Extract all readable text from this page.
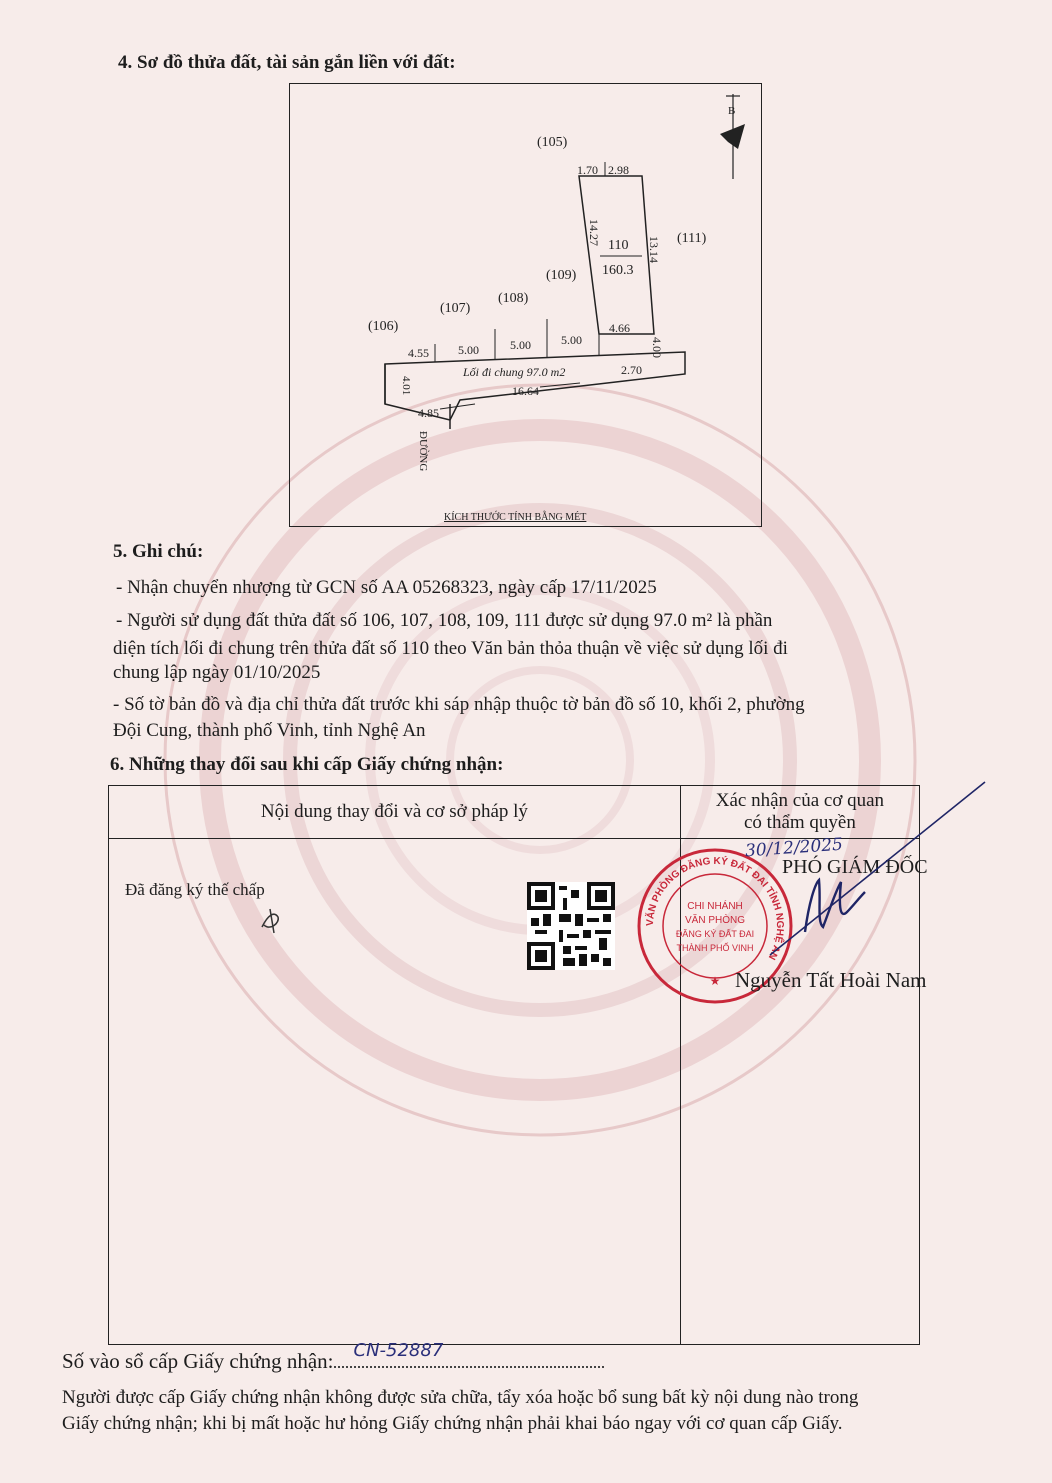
4. Sơ đồ thửa đất, tài sản gắn liền với đất:
B
(105)
1.70 2.98
14.27
13.14
110
160.3
(111)
(109)
(108)
(107)
(106)
4.55 5.00	5.00	5.00
4.66
4.00
Lối đi chung 97.0 m2	2.70
16.64
4.01
4.85
ĐƯỜNG
KÍCH THƯỚC TÍNH BẰNG MÉT
5. Ghi chú:
- Nhận chuyển nhượng từ GCN số AA 05268323, ngày cấp 17/11/2025
- Người sử dụng đất thửa đất số 106, 107, 108, 109, 111 được sử dụng 97.0 m² là phần
diện tích lối đi chung trên thửa đất số 110 theo Văn bản thỏa thuận về việc sử dụng lối đi
chung lập ngày 01/10/2025
- Số tờ bản đồ và địa chỉ thửa đất trước khi sáp nhập thuộc tờ bản đồ số 10, khối 2, phường
Đội Cung, thành phố Vinh, tỉnh Nghệ An
6. Những thay đổi sau khi cấp Giấy chứng nhận:
Nội dung thay đổi và cơ sở pháp lý	Xác nhận của cơ quan
có thẩm quyền

Đã đăng ký thế chấp
VĂN PHÒNG ĐĂNG KÝ ĐẤT ĐAI TỈNH NGHỆ AN
CHI NHÁNH
VĂN PHÒNG
ĐĂNG KÝ ĐẤT ĐAI
THÀNH PHỐ VINH
★
30/12/2025
PHÓ GIÁM ĐỐC
Nguyễn Tất Hoài Nam
Số vào sổ cấp Giấy chứng nhận: CN-52887
Người được cấp Giấy chứng nhận không được sửa chữa, tẩy xóa hoặc bổ sung bất kỳ nội dung nào trong
Giấy chứng nhận; khi bị mất hoặc hư hỏng Giấy chứng nhận phải khai báo ngay với cơ quan cấp Giấy.
